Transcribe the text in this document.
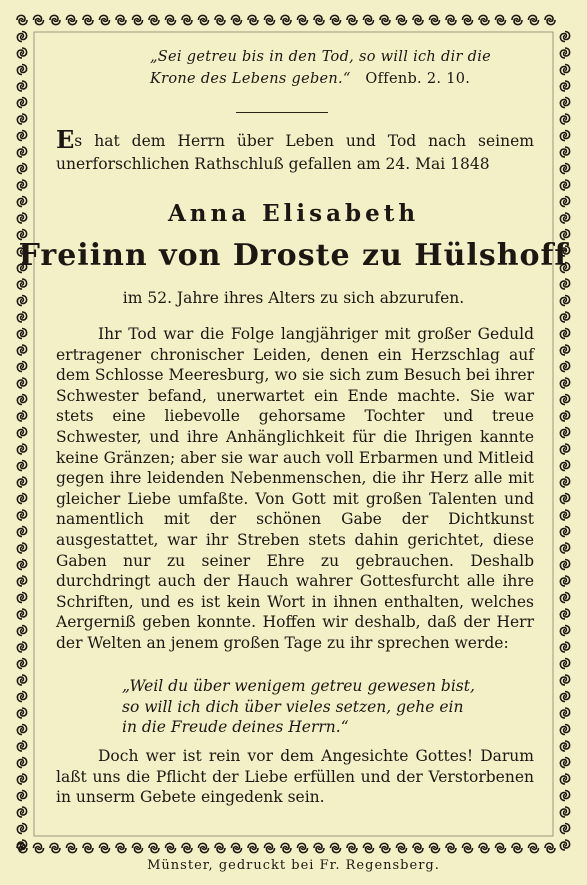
„Sei getreu bis in den Tod, so will ich dir die
Krone des Lebens geben.“ Offenb. 2. 10.
Es hat dem Herrn über Leben und Tod nach seinem unerforschlichen Rathschluß gefallen am 24. Mai 1848
Anna Elisabeth
Freiinn von Droste zu Hülshoff
im 52. Jahre ihres Alters zu sich abzurufen.
Ihr Tod war die Folge langjähriger mit großer Geduld ertragener chronischer Leiden, denen ein Herzschlag auf dem Schlosse Meeresburg, wo sie sich zum Besuch bei ihrer Schwester befand, unerwartet ein Ende machte. Sie war stets eine liebevolle gehorsame Tochter und treue Schwester, und ihre Anhänglichkeit für die Ihrigen kannte keine Gränzen; aber sie war auch voll Erbarmen und Mitleid gegen ihre leidenden Nebenmenschen, die ihr Herz alle mit gleicher Liebe umfaßte. Von Gott mit großen Talenten und namentlich mit der schönen Gabe der Dichtkunst ausgestattet, war ihr Streben stets dahin gerichtet, diese Gaben nur zu seiner Ehre zu gebrauchen. Deshalb durchdringt auch der Hauch wahrer Gottesfurcht alle ihre Schriften, und es ist kein Wort in ihnen enthalten, welches Aergerniß geben konnte. Hoffen wir deshalb, daß der Herr der Welten an jenem großen Tage zu ihr sprechen werde:
„Weil du über wenigem getreu gewesen bist,
so will ich dich über vieles setzen, gehe ein
in die Freude deines Herrn.“
Doch wer ist rein vor dem Angesichte Gottes! Darum laßt uns die Pflicht der Liebe erfüllen und der Verstorbenen in unserm Gebete eingedenk sein.
Münster, gedruckt bei Fr. Regensberg.
